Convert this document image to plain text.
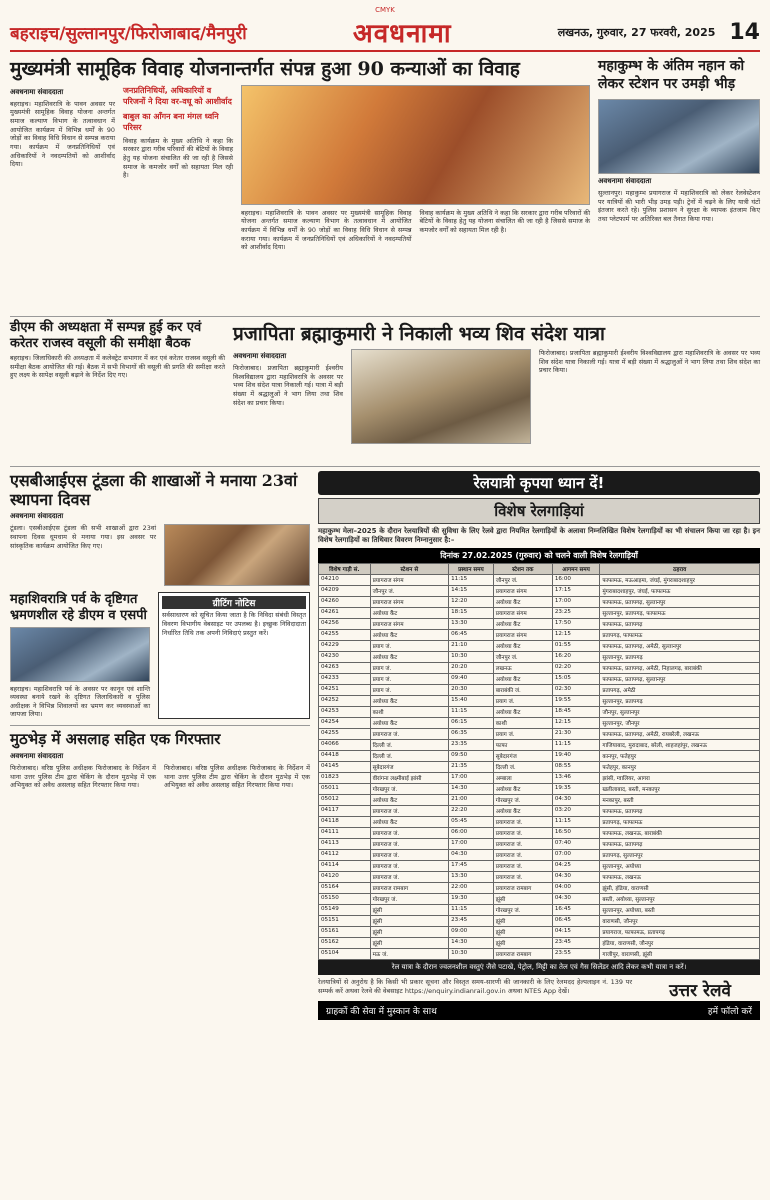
CMYK
बहराइच/सुल्तानपुर/फिरोजाबाद/मैनपुरी	अवधनामा	लखनऊ, गुरुवार, 27 फरवरी, 2025 14
मुख्यमंत्री सामूहिक विवाह योजनान्तर्गत संपन्न हुआ 90 कन्याओं का विवाह
अवधनामा संवाददाता
बहराइच। महाशिवरात्रि के पावन अवसर पर मुख्यमंत्री सामूहिक विवाह योजना अन्तर्गत समाज कल्याण विभाग के तत्वावधान में आयोजित कार्यक्रम में विभिन्न धर्मों के 90 जोड़ों का विवाह विधि विधान से सम्पन्न कराया गया। कार्यक्रम में जनप्रतिनिधियों एवं अधिकारियों ने नवदम्पतियों को आशीर्वाद दिया।
जनप्रतिनिधियों, अधिकारियों व परिजनों ने दिया वर-वधू को आशीर्वाद
बाबुल का आँगन बना मंगल ध्वनि परिसर
विवाह कार्यक्रम के मुख्य अतिथि ने कहा कि सरकार द्वारा गरीब परिवारों की बेटियों के विवाह हेतु यह योजना संचालित की जा रही है जिससे समाज के कमजोर वर्गों को सहायता मिल रही है।
बहराइच। महाशिवरात्रि के पावन अवसर पर मुख्यमंत्री सामूहिक विवाह योजना अन्तर्गत समाज कल्याण विभाग के तत्वावधान में आयोजित कार्यक्रम में विभिन्न धर्मों के 90 जोड़ों का विवाह विधि विधान से सम्पन्न कराया गया। कार्यक्रम में जनप्रतिनिधियों एवं अधिकारियों ने नवदम्पतियों को आशीर्वाद दिया।
विवाह कार्यक्रम के मुख्य अतिथि ने कहा कि सरकार द्वारा गरीब परिवारों की बेटियों के विवाह हेतु यह योजना संचालित की जा रही है जिससे समाज के कमजोर वर्गों को सहायता मिल रही है।
महाकुम्भ के अंतिम नहान को लेकर स्टेशन पर उमड़ी भीड़
अवधनामा संवाददाता
सुल्तानपुर। महाकुम्भ प्रयागराज में महाशिवरात्रि को लेकर रेलवेस्टेशन पर यात्रियों की भारी भीड़ उमड़ पड़ी। ट्रेनों में चढ़ने के लिए यात्री घंटों इंतजार करते रहे। पुलिस प्रशासन ने सुरक्षा के व्यापक इंतजाम किए तथा प्लेटफार्म पर अतिरिक्त बल तैनात किया गया।
डीएम की अध्यक्षता में सम्पन्न हुई कर एवं करेतर राजस्व वसूली की समीक्षा बैठक
बहराइच। जिलाधिकारी की अध्यक्षता में कलेक्ट्रेट सभागार में कर एवं करेतर राजस्व वसूली की समीक्षा बैठक आयोजित की गई। बैठक में सभी विभागों की वसूली की प्रगति की समीक्षा करते हुए लक्ष्य के सापेक्ष वसूली बढ़ाने के निर्देश दिए गए।
प्रजापिता ब्रह्माकुमारी ने निकाली भव्य शिव संदेश यात्रा
अवधनामा संवाददाता
फिरोजाबाद। प्रजापिता ब्रह्माकुमारी ईश्वरीय विश्वविद्यालय द्वारा महाशिवरात्रि के अवसर पर भव्य शिव संदेश यात्रा निकाली गई। यात्रा में बड़ी संख्या में श्रद्धालुओं ने भाग लिया तथा शिव संदेश का प्रचार किया।
फिरोजाबाद। प्रजापिता ब्रह्माकुमारी ईश्वरीय विश्वविद्यालय द्वारा महाशिवरात्रि के अवसर पर भव्य शिव संदेश यात्रा निकाली गई। यात्रा में बड़ी संख्या में श्रद्धालुओं ने भाग लिया तथा शिव संदेश का प्रचार किया।
एसबीआईएस टूंडला की शाखाओं ने मनाया 23वां स्थापना दिवस
अवधनामा संवाददाता
टूंडला। एसबीआईएस टूंडला की सभी शाखाओं द्वारा 23वां स्थापना दिवस धूमधाम से मनाया गया। इस अवसर पर सांस्कृतिक कार्यक्रम आयोजित किए गए।
महाशिवरात्रि पर्व के दृष्टिगत भ्रमणशील रहे डीएम व एसपी
बहराइच। महाशिवरात्रि पर्व के अवसर पर कानून एवं शान्ति व्यवस्था बनाये रखने के दृष्टिगत जिलाधिकारी व पुलिस अधीक्षक ने विभिन्न शिवालयों का भ्रमण कर व्यवस्थाओं का जायजा लिया।
ग्रीटिंग नोटिस
सर्वसाधारण को सूचित किया जाता है कि निविदा संबंधी विस्तृत विवरण विभागीय वेबसाइट पर उपलब्ध है। इच्छुक निविदादाता निर्धारित तिथि तक अपनी निविदाएं प्रस्तुत करें।
मुठभेड़ में असलाह सहित एक गिरफ्तार
अवधनामा संवाददाता
फिरोजाबाद। वरिष्ठ पुलिस अधीक्षक फिरोजाबाद के निर्देशन में थाना उत्तर पुलिस टीम द्वारा चेकिंग के दौरान मुठभेड़ में एक अभियुक्त को अवैध असलाह सहित गिरफ्तार किया गया।
फिरोजाबाद। वरिष्ठ पुलिस अधीक्षक फिरोजाबाद के निर्देशन में थाना उत्तर पुलिस टीम द्वारा चेकिंग के दौरान मुठभेड़ में एक अभियुक्त को अवैध असलाह सहित गिरफ्तार किया गया।
रेलयात्री कृपया ध्यान दें!
विशेष रेलगाड़ियां
महाकुम्भ मेला–2025 के दौरान रेलयात्रियों की सुविधा के लिए रेलवे द्वारा नियमित रेलगाड़ियों के अलावा निम्नलिखित विशेष रेलगाड़ियों का भी संचालन किया जा रहा है। इन विशेष रेलगाड़ियों का तिथिवार विवरण निम्नानुसार है:–
दिनांक 27.02.2025 (गुरुवार) को चलने वाली विशेष रेलगाड़ियाँ
विशेष गाड़ी सं.	स्टेशन से	प्रस्थान समय	स्टेशन तक	आगमन समय	ठहराव
04210	प्रयागराज संगम	11:15	जौनपुर जं.	16:00	फाफामऊ, मऊआइमा, जंघई, मुंगराबादशाहपुर
04209	जौनपुर जं.	14:15	प्रयागराज संगम	17:15	मुंगराबादशाहपुर, जंघई, फाफामऊ
04260	प्रयागराज संगम	12:20	अयोध्या कैंट	17:00	फाफामऊ, प्रतापगढ़, सुल्तानपुर
04261	अयोध्या कैंट	18:15	प्रयागराज संगम	23:25	सुल्तानपुर, प्रतापगढ़, फाफामऊ
04256	प्रयागराज संगम	13:30	अयोध्या कैंट	17:50	फाफामऊ, प्रतापगढ़
04255	अयोध्या कैंट	06:45	प्रयागराज संगम	12:15	प्रतापगढ़, फाफामऊ
04229	प्रयाग जं.	21:10	अयोध्या कैंट	01:55	फाफामऊ, प्रतापगढ़, अमेठी, सुल्तानपुर
04230	अयोध्या कैंट	10:30	जौनपुर जं.	16:20	सुल्तानपुर, प्रतापगढ़
04263	प्रयाग जं.	20:20	लखनऊ	02:20	फाफामऊ, प्रतापगढ़, अमेठी, निहालगढ़, बाराबंकी
04233	प्रयाग जं.	09:40	अयोध्या कैंट	15:05	फाफामऊ, प्रतापगढ़, सुल्तानपुर
04251	प्रयाग जं.	20:30	बाराबंकी जं.	02:30	प्रतापगढ़, अमेठी
04252	अयोध्या कैंट	15:40	प्रयाग जं.	19:55	सुल्तानपुर, प्रतापगढ़
04253	काशी	11:15	अयोध्या कैंट	18:45	जौनपुर, सुल्तानपुर
04254	अयोध्या कैंट	06:15	काशी	12:15	सुल्तानपुर, जौनपुर
04255	प्रयागराज जं.	06:35	प्रयाग जं.	21:30	फाफामऊ, प्रतापगढ़, अमेठी, रायबरेली, लखनऊ
04066	दिल्ली जं.	23:35	फाफा	11:15	गाजियाबाद, मुरादाबाद, बरेली, शाहजहांपुर, लखनऊ
04418	दिल्ली जं.	09:50	सूबेदारगंज	19:40	कानपुर, फतेहपुर
04145	सूबेदारगंज	21:35	दिल्ली जं.	08:55	फतेहपुर, कानपुर
01823	वीरांगना लक्ष्मीबाई झांसी	17:00	अम्बाला	13:46	झांसी, ग्वालियर, आगरा
05011	गोरखपुर जं.	14:30	अयोध्या कैंट	19:35	खलीलाबाद, बस्ती, मनकापुर
05012	अयोध्या कैंट	21:00	गोरखपुर जं.	04:30	मनकापुर, बस्ती
04117	प्रयागराज जं.	22:20	अयोध्या कैंट	03:20	फाफामऊ, प्रतापगढ़
04118	अयोध्या कैंट	05:45	प्रयागराज जं.	11:15	प्रतापगढ़, फाफामऊ
04111	प्रयागराज जं.	06:00	प्रयागराज जं.	16:50	फाफामऊ, लखनऊ, बाराबंकी
04113	प्रयागराज जं.	17:00	प्रयागराज जं.	07:40	फाफामऊ, प्रतापगढ़
04112	प्रयागराज जं.	04:30	प्रयागराज जं.	07:00	प्रतापगढ़, सुल्तानपुर
04114	प्रयागराज जं.	17:45	प्रयागराज जं.	04:25	सुल्तानपुर, अयोध्या
04120	प्रयागराज जं.	13:30	प्रयागराज जं.	04:30	फाफामऊ, लखनऊ
05164	प्रयागराज रामबाग	22:00	प्रयागराज रामबाग	04:00	झूंसी, हंडिया, वाराणसी
05150	गोरखपुर जं.	19:30	झूंसी	04:30	बस्ती, अयोध्या, सुल्तानपुर
05149	झूंसी	11:15	गोरखपुर जं.	16:45	सुल्तानपुर, अयोध्या, बस्ती
05151	झूंसी	23:45	झूंसी	06:45	वाराणसी, जौनपुर
05161	झूंसी	09:00	झूंसी	04:15	प्रयागराज, फाफामऊ, प्रतापगढ़
05162	झूंसी	14:30	झूंसी	23:45	हंडिया, वाराणसी, जौनपुर
05104	मऊ जं.	10:30	प्रयागराज रामबाग	23:55	गाजीपुर, वाराणसी, झूंसी
रेल यात्रा के दौरान ज्वलनशील वस्तुएं जैसे पटाखे, पेट्रोल, मिट्टी का तेल एवं गैस सिलेंडर आदि लेकर कभी यात्रा न करें।
रेलयात्रियों से अनुरोध है कि किसी भी प्रकार सूचना और विस्तृत समय-सारणी की जानकारी के लिए रेलमदद हेल्पलाइन नं. 139 पर सम्पर्क करें अथवा रेलवे की वेबसाइट https://enquiry.indianrail.gov.in अथवा NTES App देखें।	उत्तर रेलवे
ग्राहकों की सेवा में मुस्कान के साथ	हमें फॉलो करें
